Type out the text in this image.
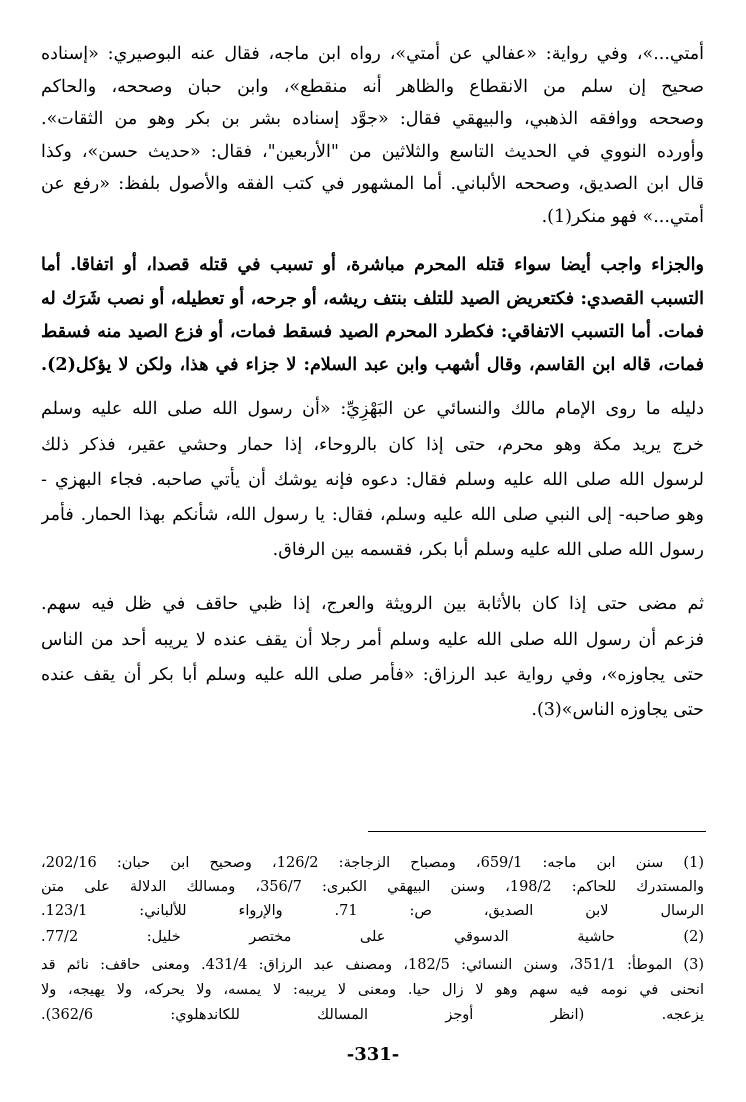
أمتي...»، وفي رواية: «عفالي عن أمتي»، رواه ابن ماجه، فقال عنه البوصيري: «إسناده
صحيح إن سلم من الانقطاع والظاهر أنه منقطع»، وابن حبان وصححه، والحاكم
وصححه ووافقه الذهبي، والبيهقي فقال: «جوَّد إسناده بشر بن بكر وهو من الثقات».
وأورده النووي في الحديث التاسع والثلاثين من "الأربعين"، فقال: «حديث حسن»، وكذا
قال ابن الصديق، وصححه الألباني. أما المشهور في كتب الفقه والأصول بلفظ: «رفع عن
أمتي...» فهو منكر(1).
والجزاء واجب أيضا سواء قتله المحرم مباشرة، أو تسبب في قتله قصدا، أو اتفاقا. أما
التسبب القصدي: فكتعريض الصيد للتلف بنتف ريشه، أو جرحه، أو تعطيله، أو نصب شَرَك له
فمات. أما التسبب الاتفاقي: فكطرد المحرم الصيد فسقط فمات، أو فزع الصيد منه فسقط
فمات، قاله ابن القاسم، وقال أشهب وابن عبد السلام: لا جزاء في هذا، ولكن لا يؤكل(2).
دليله ما روى الإمام مالك والنسائي عن البَهْزِيِّ: «أن رسول الله صلى الله عليه وسلم
خرج يريد مكة وهو محرم، حتى إذا كان بالروحاء، إذا حمار وحشي عقير، فذكر ذلك
لرسول الله صلى الله عليه وسلم فقال: دعوه فإنه يوشك أن يأتي صاحبه. فجاء البهزي -
وهو صاحبه- إلى النبي صلى الله عليه وسلم، فقال: يا رسول الله، شأنكم بهذا الحمار. فأمر
رسول الله صلى الله عليه وسلم أبا بكر، فقسمه بين الرفاق.
ثم مضى حتى إذا كان بالأثابة بين الرويثة والعرج، إذا ظبي حاقف في ظل فيه سهم.
فزعم أن رسول الله صلى الله عليه وسلم أمر رجلا أن يقف عنده لا يريبه أحد من الناس
حتى يجاوزه»، وفي رواية عبد الرزاق: «فأمر صلى الله عليه وسلم أبا بكر أن يقف عنده
حتى يجاوزه الناس»(3).
(1) سنن ابن ماجه: 659/1، ومصباح الزجاجة: 126/2، وصحيح ابن حبان: 202/16،
والمستدرك للحاكم: 198/2، وسنن البيهقي الكبرى: 356/7، ومسالك الدلالة على متن
الرسال لابن الصديق، ص: 71. والإرواء للألباني: 123/1.
(2) حاشية الدسوقي على مختصر خليل: 77/2.
(3) الموطأ: 351/1، وسنن النسائي: 182/5، ومصنف عبد الرزاق: 431/4. ومعنى حاقف: نائم قد
انحنى في نومه فيه سهم وهو لا زال حيا. ومعنى لا يريبه: لا يمسه، ولا يحركه، ولا يهيجه، ولا
يزعجه. (انظر أوجز المسالك للكاندهلوي: 362/6).
-331-
